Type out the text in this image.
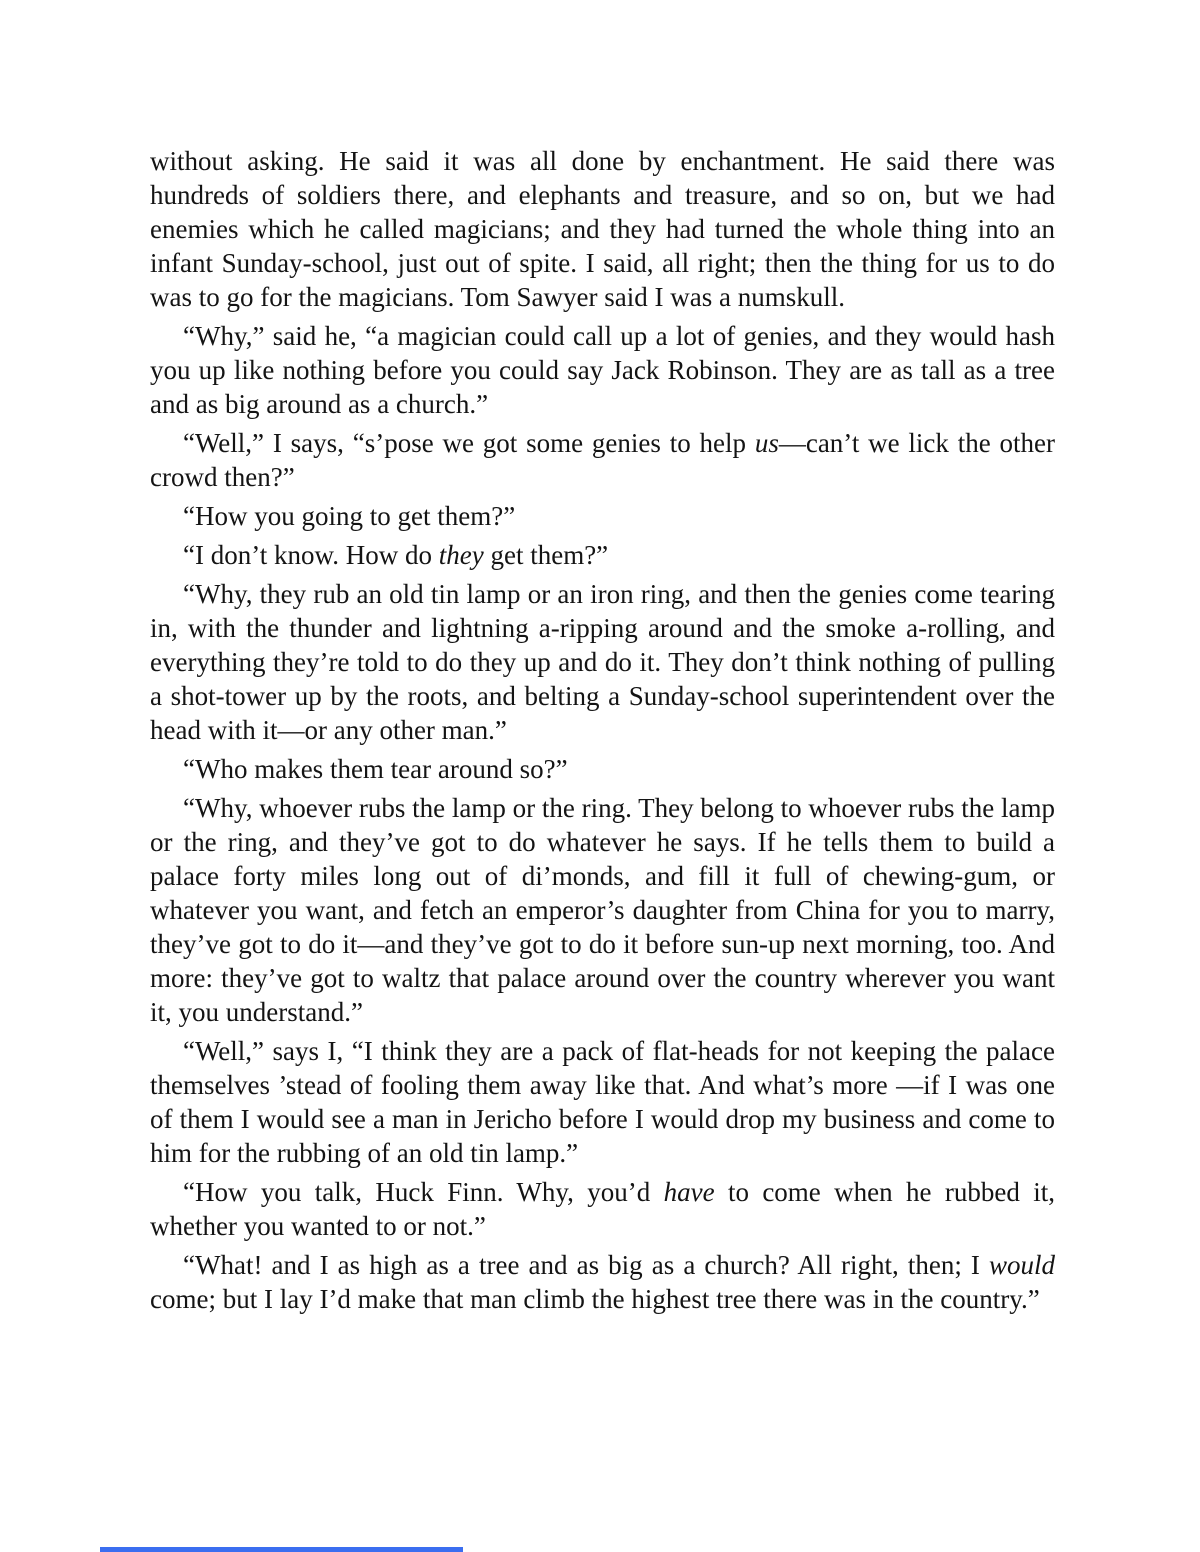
without asking. He said it was all done by enchantment. He said there was hundreds of soldiers there, and elephants and treasure, and so on, but we had enemies which he called magicians; and they had turned the whole thing into an infant Sunday-school, just out of spite. I said, all right; then the thing for us to do was to go for the magicians. Tom Sawyer said I was a numskull.

“Why,” said he, “a magician could call up a lot of genies, and they would hash you up like nothing before you could say Jack Robinson. They are as tall as a tree and as big around as a church.”

“Well,” I says, “s’pose we got some genies to help us—can’t we lick the other crowd then?”

“How you going to get them?”

“I don’t know. How do they get them?”

“Why, they rub an old tin lamp or an iron ring, and then the genies come tearing in, with the thunder and lightning a-ripping around and the smoke a-rolling, and everything they’re told to do they up and do it. They don’t think nothing of pulling a shot-tower up by the roots, and belting a Sunday-school superintendent over the head with it—or any other man.”

“Who makes them tear around so?”

“Why, whoever rubs the lamp or the ring. They belong to whoever rubs the lamp or the ring, and they’ve got to do whatever he says. If he tells them to build a palace forty miles long out of di’monds, and fill it full of chewing-gum, or whatever you want, and fetch an emperor’s daughter from China for you to marry, they’ve got to do it—and they’ve got to do it before sun-up next morning, too. And more: they’ve got to waltz that palace around over the country wherever you want it, you understand.”

“Well,” says I, “I think they are a pack of flat-heads for not keeping the palace themselves ’stead of fooling them away like that. And what’s more —if I was one of them I would see a man in Jericho before I would drop my business and come to him for the rubbing of an old tin lamp.”

“How you talk, Huck Finn. Why, you’d have to come when he rubbed it, whether you wanted to or not.”

“What! and I as high as a tree and as big as a church? All right, then; I would come; but I lay I’d make that man climb the highest tree there was in the country.”
